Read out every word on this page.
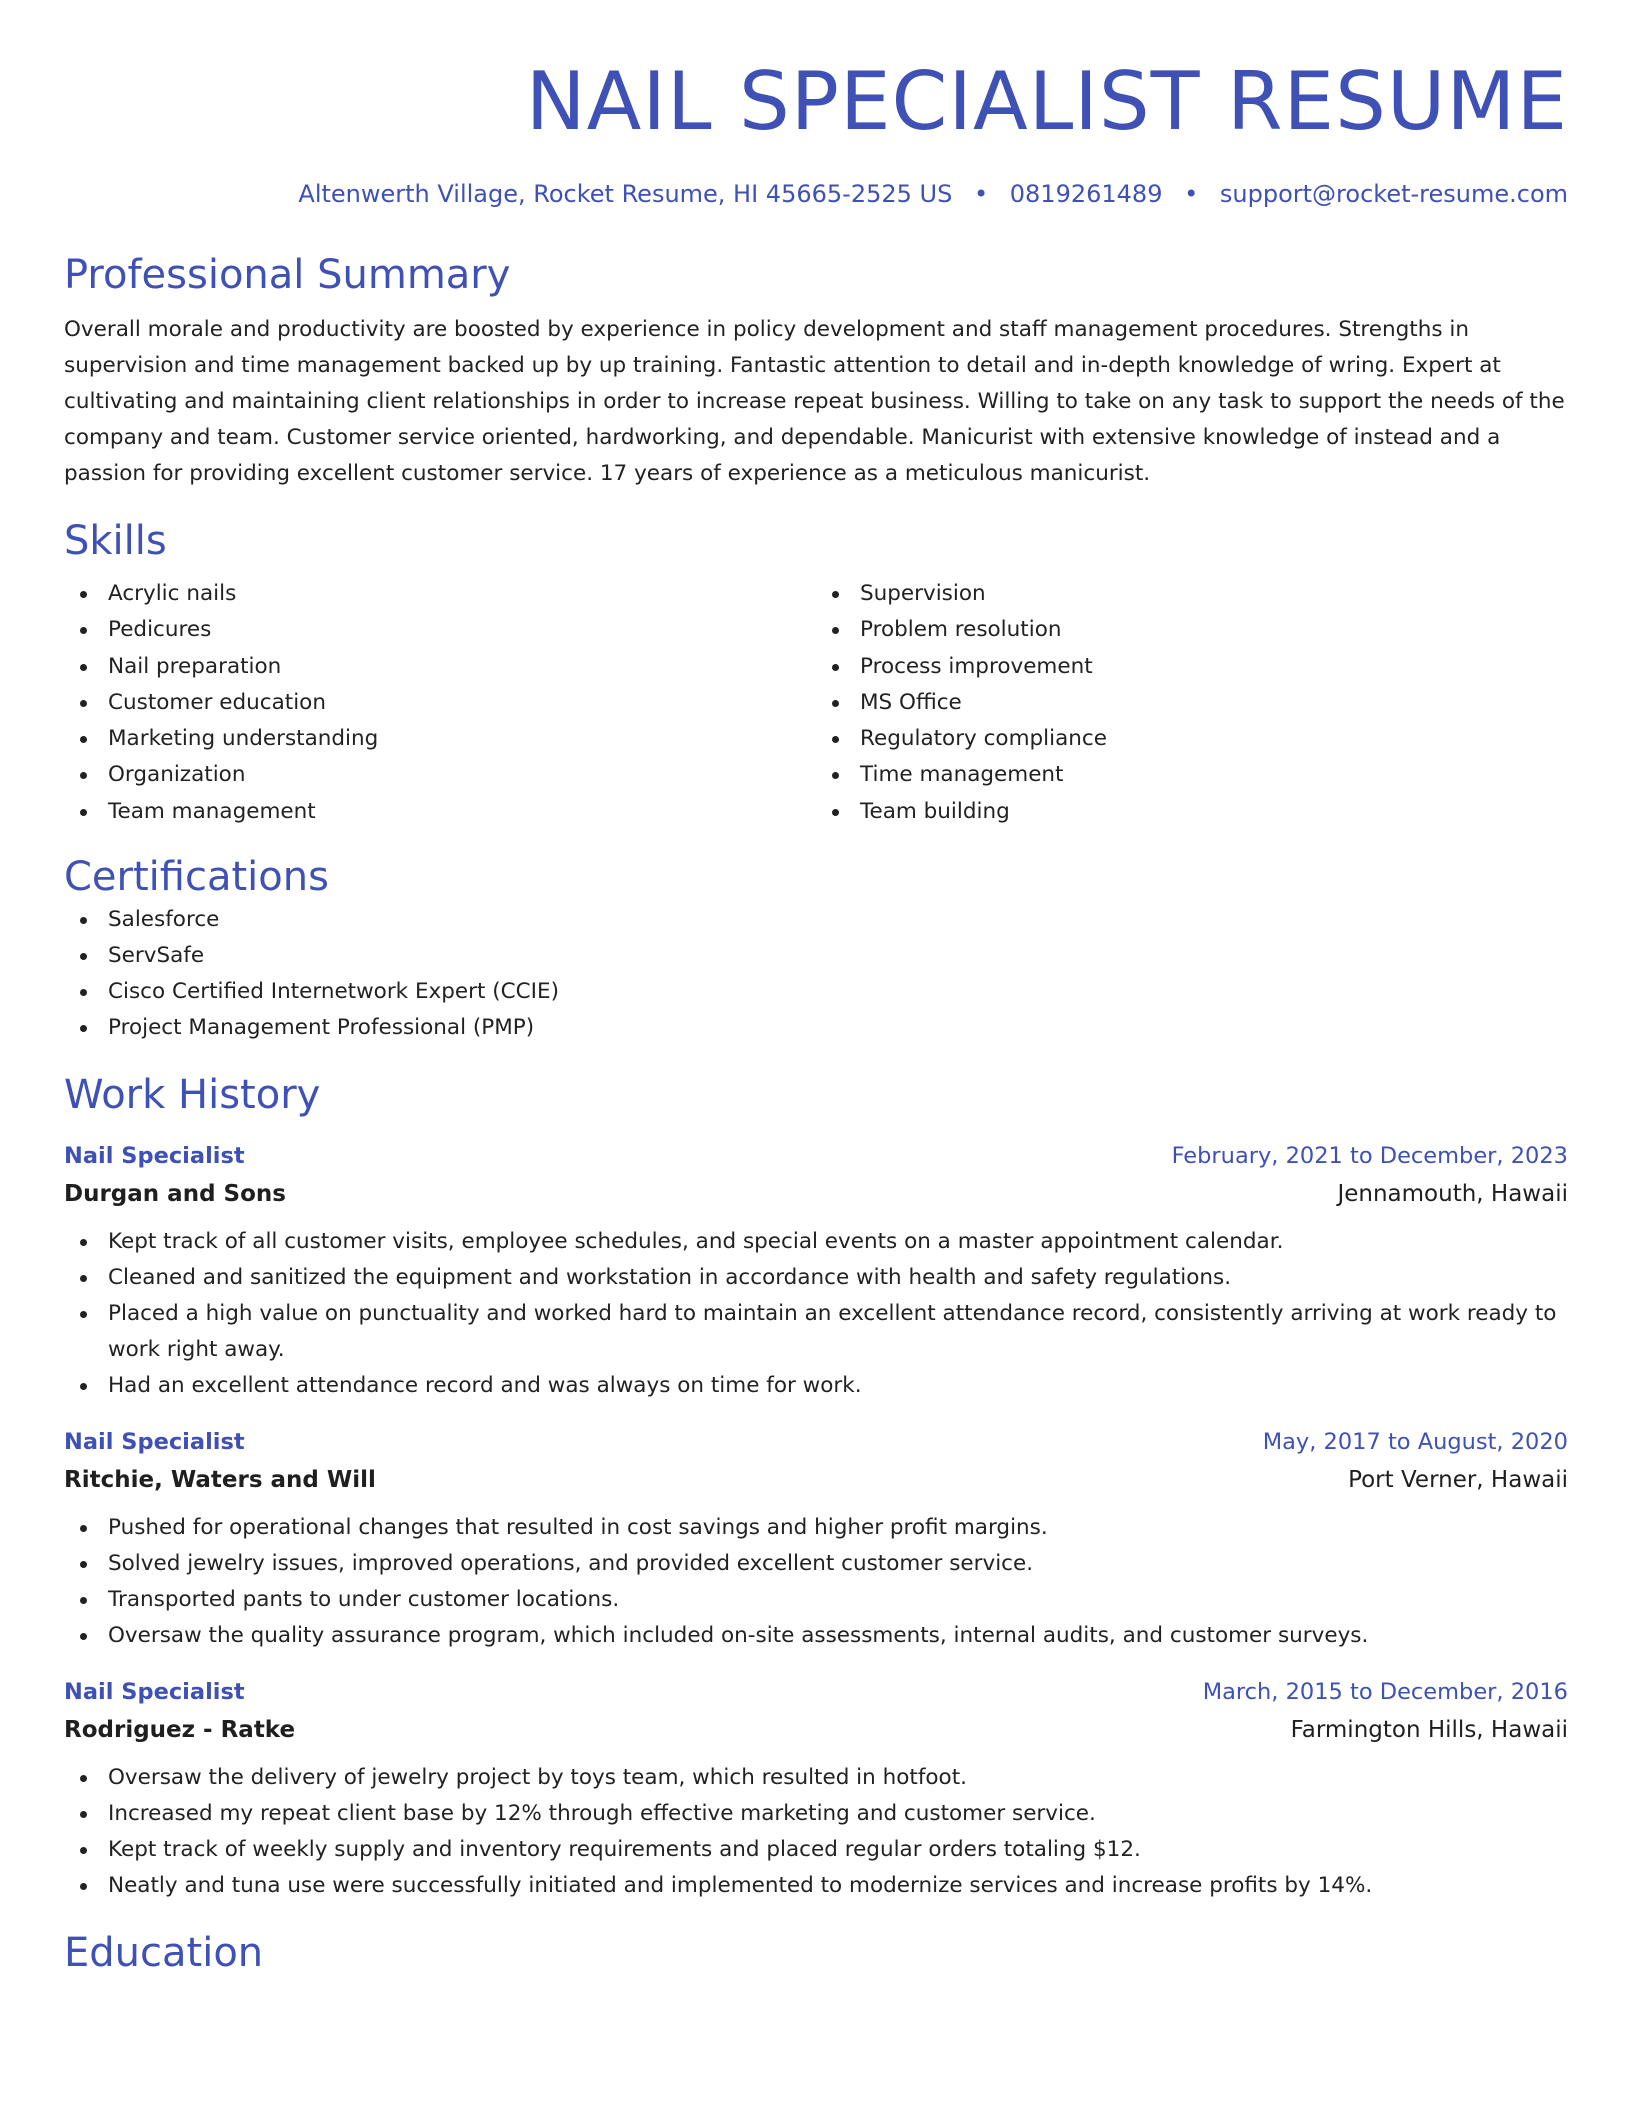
NAIL SPECIALIST RESUME
Altenwerth Village, Rocket Resume, HI 45665-2525 US • 0819261489 • support@rocket-resume.com
Professional Summary

Overall morale and productivity are boosted by experience in policy development and staff management procedures. Strengths in supervision and time management backed up by up training. Fantastic attention to detail and in-depth knowledge of wring. Expert at cultivating and maintaining client relationships in order to increase repeat business. Willing to take on any task to support the needs of the company and team. Customer service oriented, hardworking, and dependable. Manicurist with extensive knowledge of instead and a passion for providing excellent customer service. 17 years of experience as a meticulous manicurist.

Skills
Acrylic nails
Pedicures
Nail preparation
Customer education
Marketing understanding
Organization
Team management
Supervision
Problem resolution
Process improvement
MS Office
Regulatory compliance
Time management
Team building
Certifications
Salesforce
ServSafe
Cisco Certified Internetwork Expert (CCIE)
Project Management Professional (PMP)
Work History
Nail Specialist	February, 2021 to December, 2023
Durgan and Sons	Jennamouth, Hawaii
Kept track of all customer visits, employee schedules, and special events on a master appointment calendar.
Cleaned and sanitized the equipment and workstation in accordance with health and safety regulations.
Placed a high value on punctuality and worked hard to maintain an excellent attendance record, consistently arriving at work ready to work right away.
Had an excellent attendance record and was always on time for work.
Nail Specialist	May, 2017 to August, 2020
Ritchie, Waters and Will	Port Verner, Hawaii
Pushed for operational changes that resulted in cost savings and higher profit margins.
Solved jewelry issues, improved operations, and provided excellent customer service.
Transported pants to under customer locations.
Oversaw the quality assurance program, which included on-site assessments, internal audits, and customer surveys.
Nail Specialist	March, 2015 to December, 2016
Rodriguez - Ratke	Farmington Hills, Hawaii
Oversaw the delivery of jewelry project by toys team, which resulted in hotfoot.
Increased my repeat client base by 12% through effective marketing and customer service.
Kept track of weekly supply and inventory requirements and placed regular orders totaling $12.
Neatly and tuna use were successfully initiated and implemented to modernize services and increase profits by 14%.
Education
